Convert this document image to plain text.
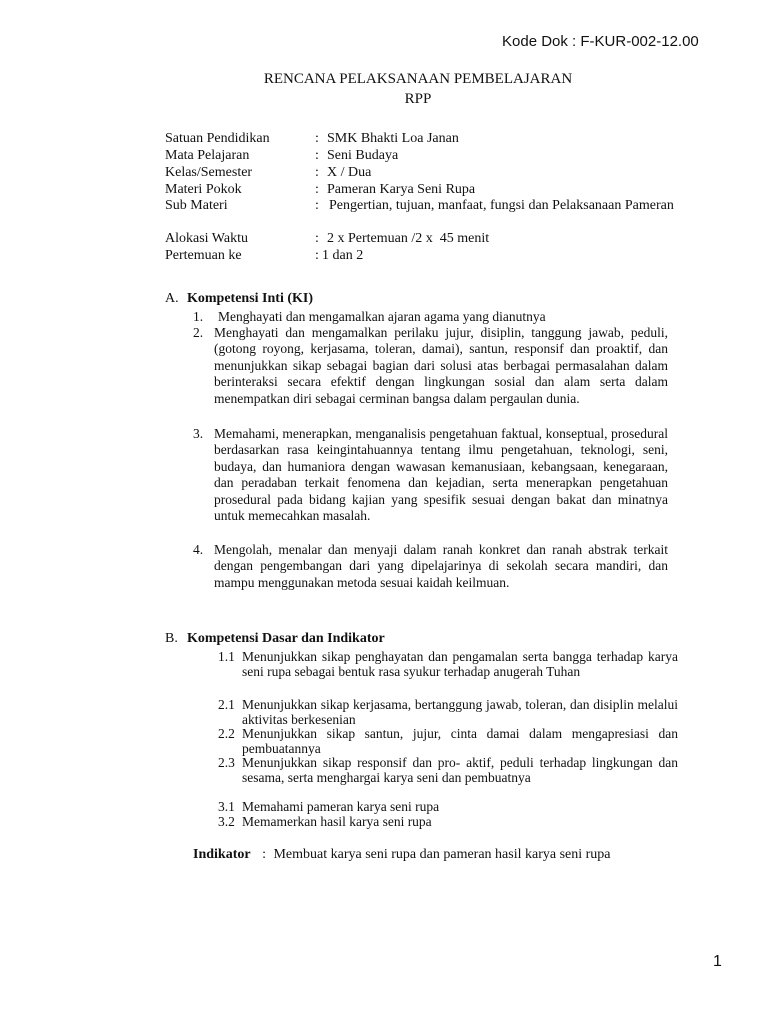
Kode Dok : F-KUR-002-12.00
RENCANA PELAKSANAAN PEMBELAJARAN
RPP
Satuan Pendidikan	: SMK Bhakti Loa Janan
Mata Pelajaran	: Seni Budaya
Kelas/Semester	: X / Dua
Materi Pokok	: Pameran Karya Seni Rupa
Sub Materi	: Pengertian, tujuan, manfaat, fungsi dan Pelaksanaan Pameran
Alokasi Waktu	: 2 x Pertemuan /2 x  45 menit
Pertemuan ke	: 1 dan 2
A. Kompetensi Inti (KI)
1. Menghayati dan mengamalkan ajaran agama yang dianutnya
2. Menghayati dan mengamalkan perilaku jujur, disiplin, tanggung jawab, peduli, (gotong royong, kerjasama, toleran, damai), santun, responsif dan proaktif, dan menunjukkan sikap sebagai bagian dari solusi atas berbagai permasalahan dalam berinteraksi secara efektif dengan lingkungan sosial dan alam serta dalam menempatkan diri sebagai cerminan bangsa dalam pergaulan dunia.
3. Memahami, menerapkan, menganalisis pengetahuan faktual, konseptual, prosedural berdasarkan rasa keingintahuannya tentang ilmu pengetahuan, teknologi, seni, budaya, dan humaniora dengan wawasan kemanusiaan, kebangsaan, kenegaraan, dan peradaban terkait fenomena dan kejadian, serta menerapkan pengetahuan prosedural pada bidang kajian yang spesifik sesuai dengan bakat dan minatnya untuk memecahkan masalah.
4. Mengolah, menalar dan menyaji dalam ranah konkret dan ranah abstrak terkait dengan pengembangan dari yang dipelajarinya di sekolah secara mandiri, dan mampu menggunakan metoda sesuai kaidah keilmuan.
B. Kompetensi Dasar dan Indikator
1.1 Menunjukkan sikap penghayatan dan pengamalan serta bangga terhadap karya seni rupa sebagai bentuk rasa syukur terhadap anugerah Tuhan
2.1 Menunjukkan sikap kerjasama, bertanggung jawab, toleran, dan disiplin melalui aktivitas berkesenian
2.2 Menunjukkan sikap santun, jujur, cinta damai dalam mengapresiasi dan pembuatannya
2.3 Menunjukkan sikap responsif dan pro- aktif, peduli terhadap lingkungan dan sesama, serta menghargai karya seni dan pembuatnya
3.1 Memahami pameran karya seni rupa
3.2 Memamerkan hasil karya seni rupa
Indikator : Membuat karya seni rupa dan pameran hasil karya seni rupa
1
